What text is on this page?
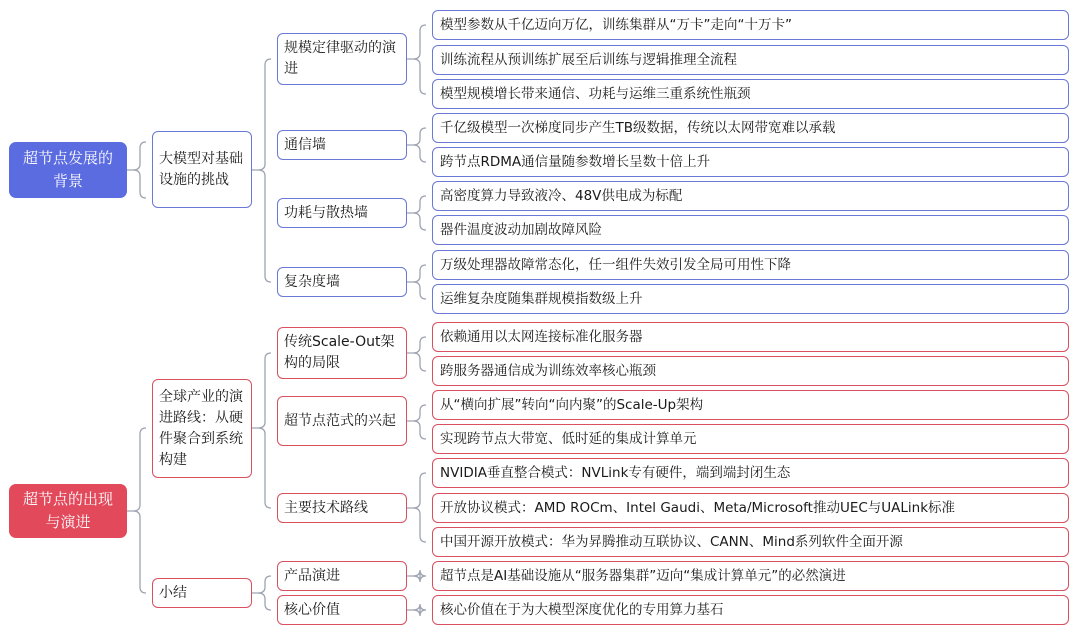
超节点发展的背景
大模型对基础设施的挑战
规模定律驱动的演进
模型参数从千亿迈向万亿，训练集群从“万卡”走向“十万卡”
训练流程从预训练扩展至后训练与逻辑推理全流程
模型规模增长带来通信、功耗与运维三重系统性瓶颈
通信墙
千亿级模型一次梯度同步产生TB级数据，传统以太网带宽难以承载
跨节点RDMA通信量随参数增长呈数十倍上升
功耗与散热墙
高密度算力导致液冷、48V供电成为标配
器件温度波动加剧故障风险
复杂度墙
万级处理器故障常态化，任一组件失效引发全局可用性下降
运维复杂度随集群规模指数级上升
超节点的出现与演进
全球产业的演进路线：从硬件聚合到系统构建
传统Scale-Out架构的局限
依赖通用以太网连接标准化服务器
跨服务器通信成为训练效率核心瓶颈
超节点范式的兴起
从“横向扩展”转向“向内聚”的Scale-Up架构
实现跨节点大带宽、低时延的集成计算单元
主要技术路线
NVIDIA垂直整合模式：NVLink专有硬件，端到端封闭生态
开放协议模式：AMD ROCm、Intel Gaudi、Meta/Microsoft推动UEC与UALink标准
中国开源开放模式：华为昇腾推动互联协议、CANN、Mind系列软件全面开源
小结
产品演进	超节点是AI基础设施从“服务器集群”迈向“集成计算单元”的必然演进
核心价值	核心价值在于为大模型深度优化的专用算力基石
